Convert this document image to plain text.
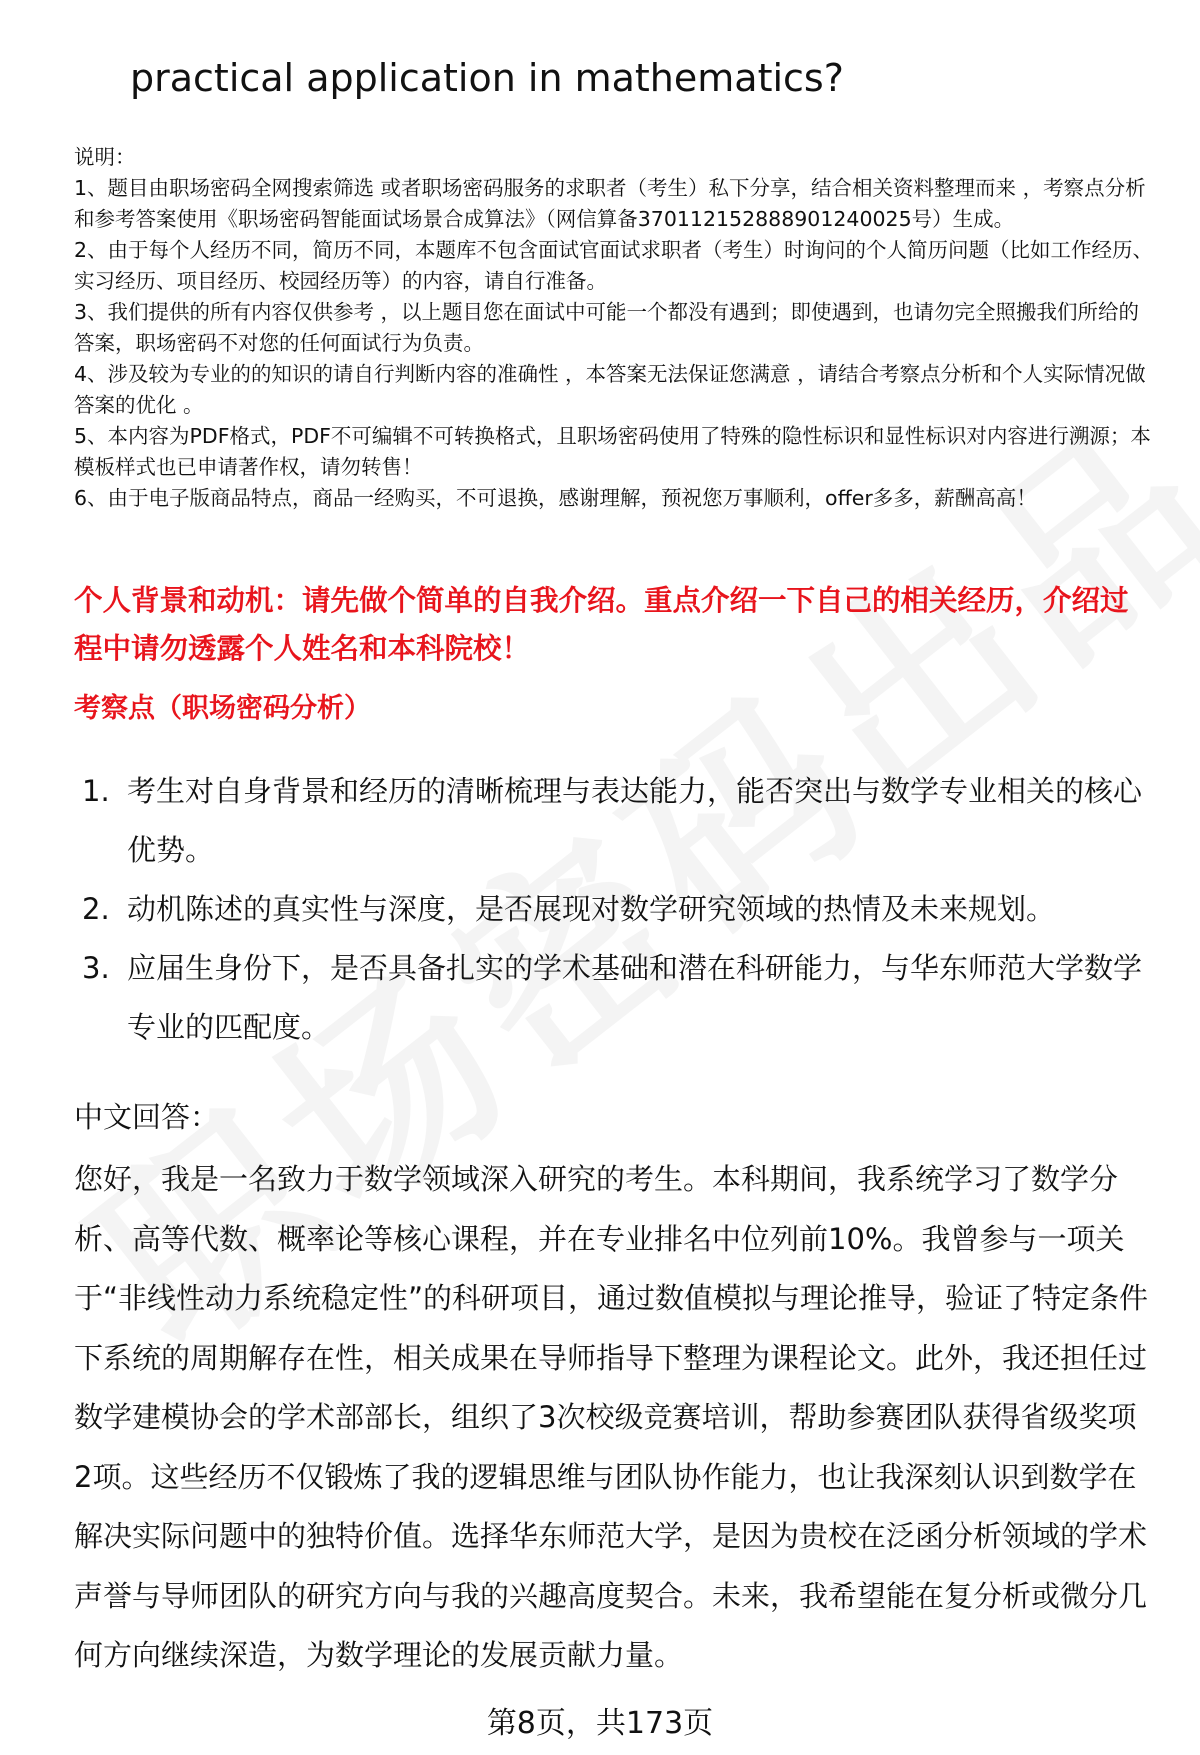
practical application in mathematics?

说明：

1、题目由职场密码全网搜索筛选 或者职场密码服务的求职者（考生）私下分享，结合相关资料整理而来 ，考察点分析和参考答案使用《职场密码智能面试场景合成算法》（网信算备370112152888901240025号）生成。

2、由于每个人经历不同，简历不同，本题库不包含面试官面试求职者（考生）时询问的个人简历问题（比如工作经历、实习经历、项目经历、校园经历等）的内容，请自行准备。

3、我们提供的所有内容仅供参考 ，以上题目您在面试中可能一个都没有遇到；即使遇到，也请勿完全照搬我们所给的答案，职场密码不对您的任何面试行为负责。

4、涉及较为专业的的知识的请自行判断内容的准确性 ，本答案无法保证您满意 ，请结合考察点分析和个人实际情况做答案的优化 。

5、本内容为PDF格式，PDF不可编辑不可转换格式，且职场密码使用了特殊的隐性标识和显性标识对内容进行溯源；本模板样式也已申请著作权，请勿转售！

6、由于电子版商品特点，商品一经购买，不可退换，感谢理解，预祝您万事顺利，offer多多，薪酬高高！

个人背景和动机：请先做个简单的自我介绍。重点介绍一下自己的相关经历，介绍过程中请勿透露个人姓名和本科院校！
考察点（职场密码分析）
1. 考生对自身背景和经历的清晰梳理与表达能力，能否突出与数学专业相关的核心优势。
2. 动机陈述的真实性与深度，是否展现对数学研究领域的热情及未来规划。
3. 应届生身份下，是否具备扎实的学术基础和潜在科研能力，与华东师范大学数学专业的匹配度。
中文回答：

您好，我是一名致力于数学领域深入研究的考生。本科期间，我系统学习了数学分析、高等代数、概率论等核心课程，并在专业排名中位列前10%。我曾参与一项关于“非线性动力系统稳定性”的科研项目，通过数值模拟与理论推导，验证了特定条件下系统的周期解存在性，相关成果在导师指导下整理为课程论文。此外，我还担任过数学建模协会的学术部部长，组织了3次校级竞赛培训，帮助参赛团队获得省级奖项2项。这些经历不仅锻炼了我的逻辑思维与团队协作能力，也让我深刻认识到数学在解决实际问题中的独特价值。选择华东师范大学，是因为贵校在泛函分析领域的学术声誉与导师团队的研究方向与我的兴趣高度契合。未来，我希望能在复分析或微分几何方向继续深造，为数学理论的发展贡献力量。

第8页，共173页
